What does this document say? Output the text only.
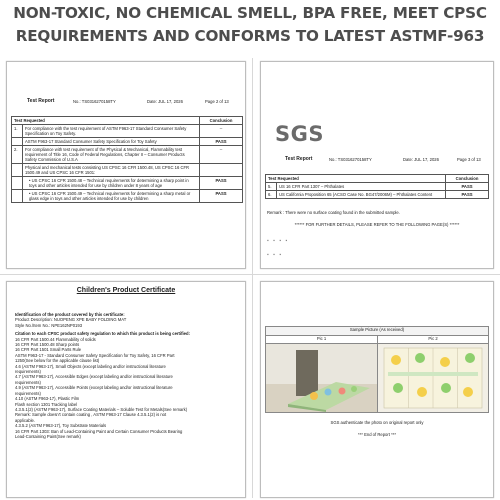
NON-TOXIC, NO CHEMICAL SMELL, BPA FREE, MEET CPSC
REQUIREMENTS AND CONFORMS TO LATEST ASTMF-963
Test Report	No.: TS0316270158TY	Date: JUL 17, 2026	Page 2 of 13
Test Requested		Conclusion
1.	For compliance with the test requirement of ASTM F963-17 Standard Consumer Safety Specification on Toy Safety.	--
	ASTM F963-17 Standard Consumer Safety Specification for Toy Safety	PASS
2.	For compliance with test requirement of the Physical & Mechanical, Flammability test requirement of Title 16, Code of Federal Regulations, Chapter II – Consumer Products Safety Commission of U.S.A	--
	Physical and mechanical tests consisting US CPSC 16 CFR 1500.48, US CPSC 16 CFR 1500.49 and US CPSC 16 CFR 1501:	
	• US CPSC 16 CFR 1500.48 – Technical requirements for determining a sharp point in toys and other articles intended for use by children under 8 years of age	PASS
	• US CPSC 16 CFR 1500.49 – Technical requirements for determining a sharp metal or glass edge in toys and other articles intended for use by children	PASS
SGS
Test Report	No.: TS0316270158TY	Date: JUL 17, 2026	Page 3 of 13
Test Requested		Conclusion
5.	US 16 CFR Part 1307 – Phthalates	PASS
6.	US California Proposition 65 (ACSO Case No. BG47/2006M) – Phthalates Content	PASS
Remark : There were no surface coating found in the submitted sample.
****** FOR FURTHER DETAILS, PLEASE REFER TO THE FOLLOWING PAGE(S) ******
▪ ▪ ▪ ▪
▪ ▪ ▪
Children's Product Certificate
Identification of the product covered by this certificate:
Product Description: NUOPENG XPE BABY FOLDING MAT
Style No./Item No.: NPE162NP0193
Citation to each CPSC product safety regulation to which this product is being certified:
16 CFR Part 1500.44 Flammability of solids
16 CFR Part 1500.48 Sharp points
16 CFR Part 1501 Small Parts Rule
ASTM F963-17 - Standard Consumer Safety Specification for Toy Safety, 16 CFR Part
1250(See below for the applicable clause list)
4.6 (ASTM F963-17), Small Objects (except labeling and/or instructional literature
requirements)
4.7 (ASTM F963-17), Accessible Edges (except labeling and/or instructional literature
requirements)
4.9 (ASTM F963-17), Accessible Points (except labeling and/or instructional literature
requirements)
4.10 (ASTM F963-17), Plastic Film
Flash section 1301 Tracking label
4.3.5.1(2) (ASTM F963-17), Surface Coating Materials – Soluble Test for Metals(See remark)
Remark: Sample doesn't contain coating , ASTM F963-17 Clause 4.3.5.1(2) is not
applicable.
4.3.5.2 (ASTM F963-17), Toy Substrate Materials
16 CFR Part 1303: Ban of Lead-Containing Paint and Certain Consumer Products Bearing
Lead-Containing Paint(See remark)
Sample Picture (As received)
Pic 1	Pic 2
SGS authenticate the photo on original report only
*** End of Report ***
